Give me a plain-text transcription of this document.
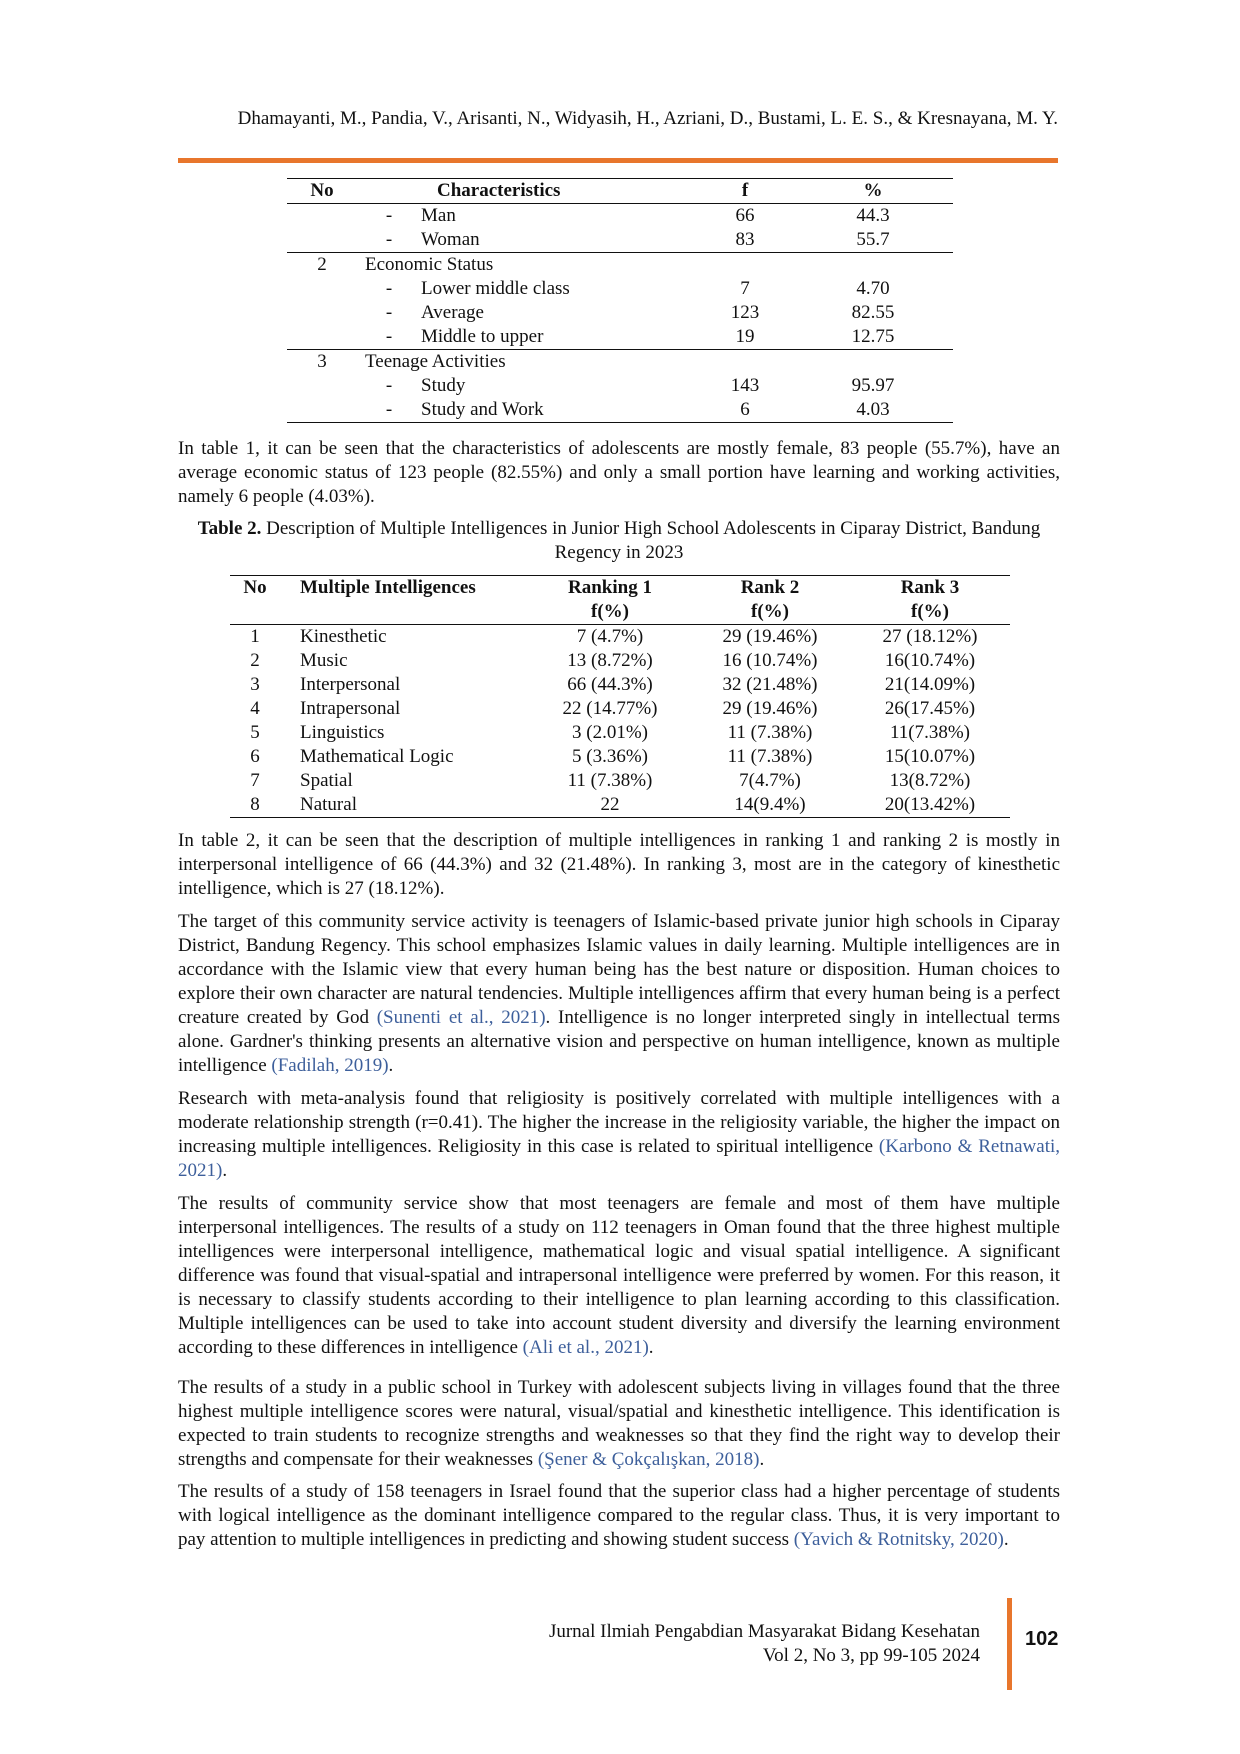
Dhamayanti, M., Pandia, V., Arisanti, N., Widyasih, H., Azriani, D., Bustami, L. E. S., & Kresnayana, M. Y.
No	Characteristics		f	%
	-	Man	66	44.3
	-	Woman	83	55.7
2	Economic Status			
	-	Lower middle class	7	4.70
	-	Average	123	82.55
	-	Middle to upper	19	12.75
3	Teenage Activities			
	-	Study	143	95.97
	-	Study and Work	6	4.03
In table 1, it can be seen that the characteristics of adolescents are mostly female, 83 people (55.7%), have an average economic status of 123 people (82.55%) and only a small portion have learning and working activities, namely 6 people (4.03%).
Table 2. Description of Multiple Intelligences in Junior High School Adolescents in Ciparay District, Bandung Regency in 2023
No	Multiple Intelligences	Ranking 1	Rank 2	Rank 3
		f(%)	f(%)	f(%)
1	Kinesthetic	7 (4.7%)	29 (19.46%)	27 (18.12%)
2	Music	13 (8.72%)	16 (10.74%)	16(10.74%)
3	Interpersonal	66 (44.3%)	32 (21.48%)	21(14.09%)
4	Intrapersonal	22 (14.77%)	29 (19.46%)	26(17.45%)
5	Linguistics	3 (2.01%)	11 (7.38%)	11(7.38%)
6	Mathematical Logic	5 (3.36%)	11 (7.38%)	15(10.07%)
7	Spatial	11 (7.38%)	7(4.7%)	13(8.72%)
8	Natural	22	14(9.4%)	20(13.42%)
In table 2, it can be seen that the description of multiple intelligences in ranking 1 and ranking 2 is mostly in interpersonal intelligence of 66 (44.3%) and 32 (21.48%). In ranking 3, most are in the category of kinesthetic intelligence, which is 27 (18.12%).
The target of this community service activity is teenagers of Islamic-based private junior high schools in Ciparay District, Bandung Regency. This school emphasizes Islamic values in daily learning. Multiple intelligences are in accordance with the Islamic view that every human being has the best nature or disposition. Human choices to explore their own character are natural tendencies. Multiple intelligences affirm that every human being is a perfect creature created by God (Sunenti et al., 2021). Intelligence is no longer interpreted singly in intellectual terms alone. Gardner's thinking presents an alternative vision and perspective on human intelligence, known as multiple intelligence (Fadilah, 2019).
Research with meta-analysis found that religiosity is positively correlated with multiple intelligences with a moderate relationship strength (r=0.41). The higher the increase in the religiosity variable, the higher the impact on increasing multiple intelligences. Religiosity in this case is related to spiritual intelligence (Karbono & Retnawati, 2021).
The results of community service show that most teenagers are female and most of them have multiple interpersonal intelligences. The results of a study on 112 teenagers in Oman found that the three highest multiple intelligences were interpersonal intelligence, mathematical logic and visual spatial intelligence. A significant difference was found that visual-spatial and intrapersonal intelligence were preferred by women. For this reason, it is necessary to classify students according to their intelligence to plan learning according to this classification. Multiple intelligences can be used to take into account student diversity and diversify the learning environment according to these differences in intelligence (Ali et al., 2021).
The results of a study in a public school in Turkey with adolescent subjects living in villages found that the three highest multiple intelligence scores were natural, visual/spatial and kinesthetic intelligence. This identification is expected to train students to recognize strengths and weaknesses so that they find the right way to develop their strengths and compensate for their weaknesses (Şener & Çokçalışkan, 2018).
The results of a study of 158 teenagers in Israel found that the superior class had a higher percentage of students with logical intelligence as the dominant intelligence compared to the regular class. Thus, it is very important to pay attention to multiple intelligences in predicting and showing student success (Yavich & Rotnitsky, 2020).
Jurnal Ilmiah Pengabdian Masyarakat Bidang Kesehatan
Vol 2, No 3, pp 99-105 2024
102
